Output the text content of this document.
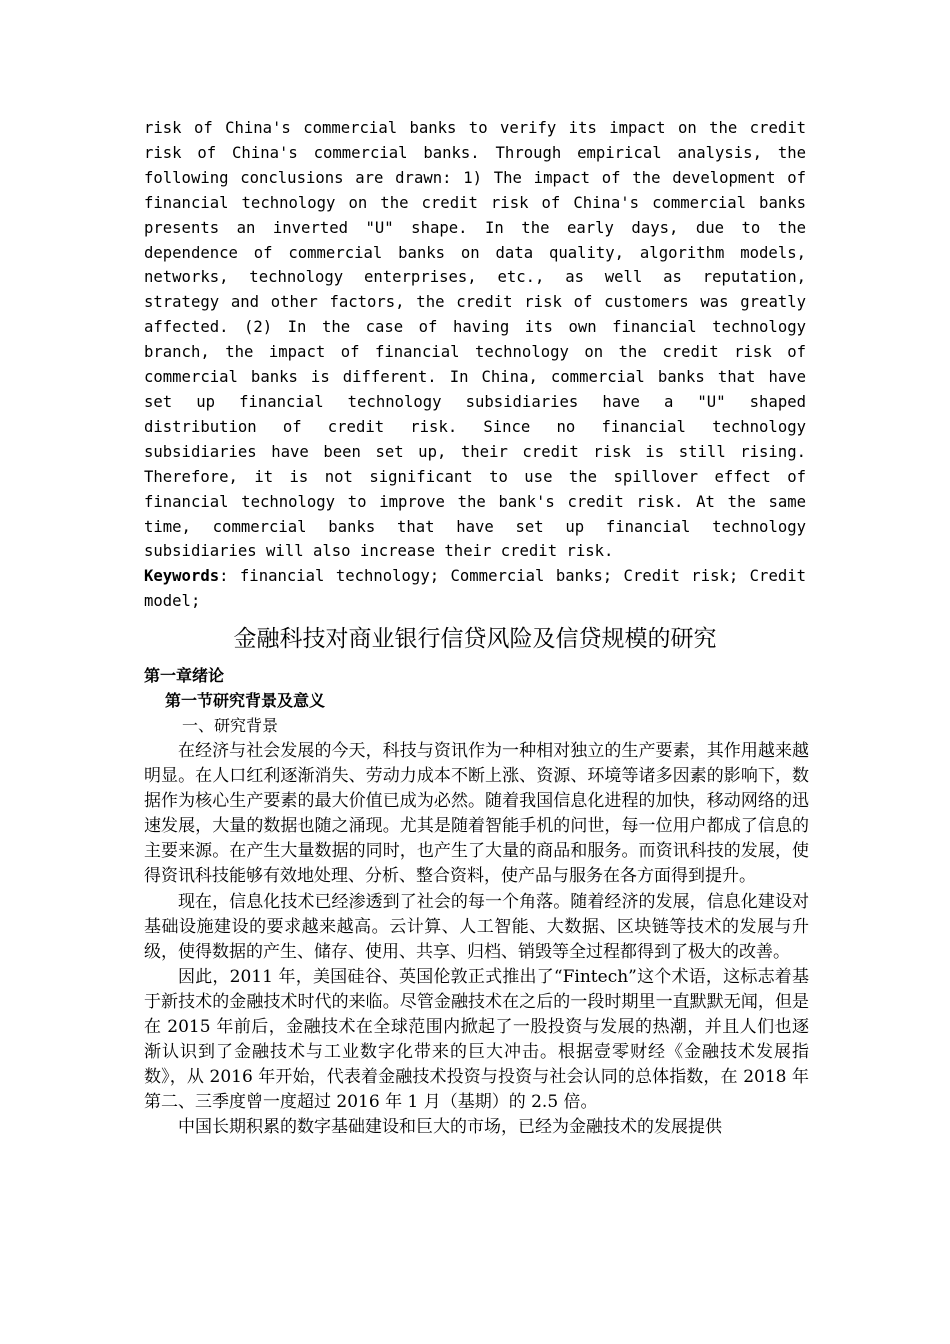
risk of China's commercial banks to verify its impact on the credit risk of China's commercial banks. Through empirical analysis, the following conclusions are drawn: 1) The impact of the development of financial technology on the credit risk of China's commercial banks presents an inverted "U" shape. In the early days, due to the dependence of commercial banks on data quality, algorithm models, networks, technology enterprises, etc., as well as reputation, strategy and other factors, the credit risk of customers was greatly affected. (2) In the case of having its own financial technology branch, the impact of financial technology on the credit risk of commercial banks is different. In China, commercial banks that have set up financial technology subsidiaries have a "U" shaped distribution of credit risk. Since no financial technology subsidiaries have been set up, their credit risk is still rising. Therefore, it is not significant to use the spillover effect of financial technology to improve the bank's credit risk. At the same time, commercial banks that have set up financial technology subsidiaries will also increase their credit risk.

Keywords: financial technology; Commercial banks; Credit risk; Credit model;

金融科技对商业银行信贷风险及信贷规模的研究
第一章绪论
第一节研究背景及意义
一、研究背景

在经济与社会发展的今天，科技与资讯作为一种相对独立的生产要素，其作用越来越明显。在人口红利逐渐消失、劳动力成本不断上涨、资源、环境等诸多因素的影响下，数据作为核心生产要素的最大价值已成为必然。随着我国信息化进程的加快，移动网络的迅速发展，大量的数据也随之涌现。尤其是随着智能手机的问世，每一位用户都成了信息的主要来源。在产生大量数据的同时，也产生了大量的商品和服务。而资讯科技的发展，使得资讯科技能够有效地处理、分析、整合资料，使产品与服务在各方面得到提升。

现在，信息化技术已经渗透到了社会的每一个角落。随着经济的发展，信息化建设对基础设施建设的要求越来越高。云计算、人工智能、大数据、区块链等技术的发展与升级，使得数据的产生、储存、使用、共享、归档、销毁等全过程都得到了极大的改善。

因此，2011 年，美国硅谷、英国伦敦正式推出了“Fintech”这个术语，这标志着基于新技术的金融技术时代的来临。尽管金融技术在之后的一段时期里一直默默无闻，但是在 2015 年前后，金融技术在全球范围内掀起了一股投资与发展的热潮，并且人们也逐渐认识到了金融技术与工业数字化带来的巨大冲击。根据壹零财经《金融技术发展指数》，从 2016 年开始，代表着金融技术投资与投资与社会认同的总体指数，在 2018 年第二、三季度曾一度超过 2016 年 1 月（基期）的 2.5 倍。

中国长期积累的数字基础建设和巨大的市场，已经为金融技术的发展提供
